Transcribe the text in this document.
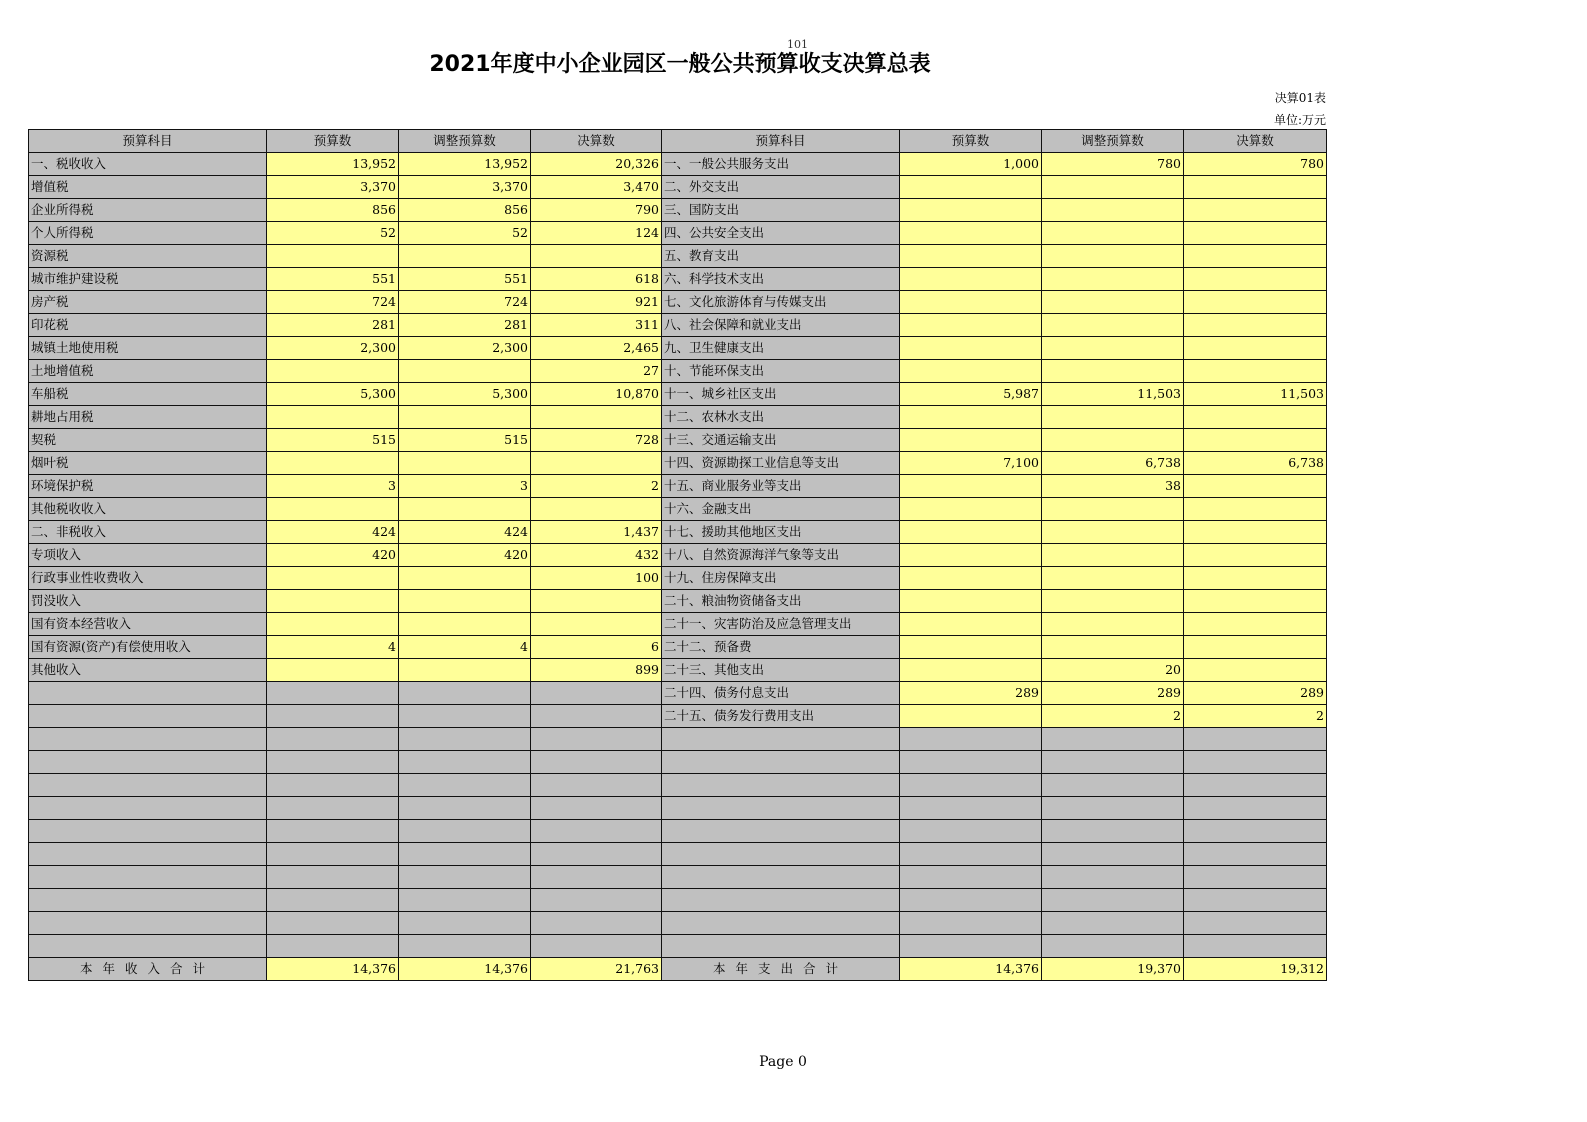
101
2021年度中小企业园区一般公共预算收支决算总表
决算01表
单位:万元
预算科目	预算数	调整预算数	决算数	预算科目	预算数	调整预算数	决算数
一、税收收入	13,952	13,952	20,326	一、一般公共服务支出	1,000	780	780
增值税	3,370	3,370	3,470	二、外交支出			
企业所得税	856	856	790	三、国防支出			
个人所得税	52	52	124	四、公共安全支出			
资源税				五、教育支出			
城市维护建设税	551	551	618	六、科学技术支出			
房产税	724	724	921	七、文化旅游体育与传媒支出			
印花税	281	281	311	八、社会保障和就业支出			
城镇土地使用税	2,300	2,300	2,465	九、卫生健康支出			
土地增值税			27	十、节能环保支出			
车船税	5,300	5,300	10,870	十一、城乡社区支出	5,987	11,503	11,503
耕地占用税				十二、农林水支出			
契税	515	515	728	十三、交通运输支出			
烟叶税				十四、资源勘探工业信息等支出	7,100	6,738	6,738
环境保护税	3	3	2	十五、商业服务业等支出		38	
其他税收收入				十六、金融支出			
二、非税收入	424	424	1,437	十七、援助其他地区支出			
专项收入	420	420	432	十八、自然资源海洋气象等支出			
行政事业性收费收入			100	十九、住房保障支出			
罚没收入				二十、粮油物资储备支出			
国有资本经营收入				二十一、灾害防治及应急管理支出			
国有资源(资产)有偿使用收入	4	4	6	二十二、预备费			
其他收入			899	二十三、其他支出		20	
				二十四、债务付息支出	289	289	289
				二十五、债务发行费用支出		2	2

本年收入合计	14,376	14,376	21,763	本年支出合计	14,376	19,370	19,312
Page 0
